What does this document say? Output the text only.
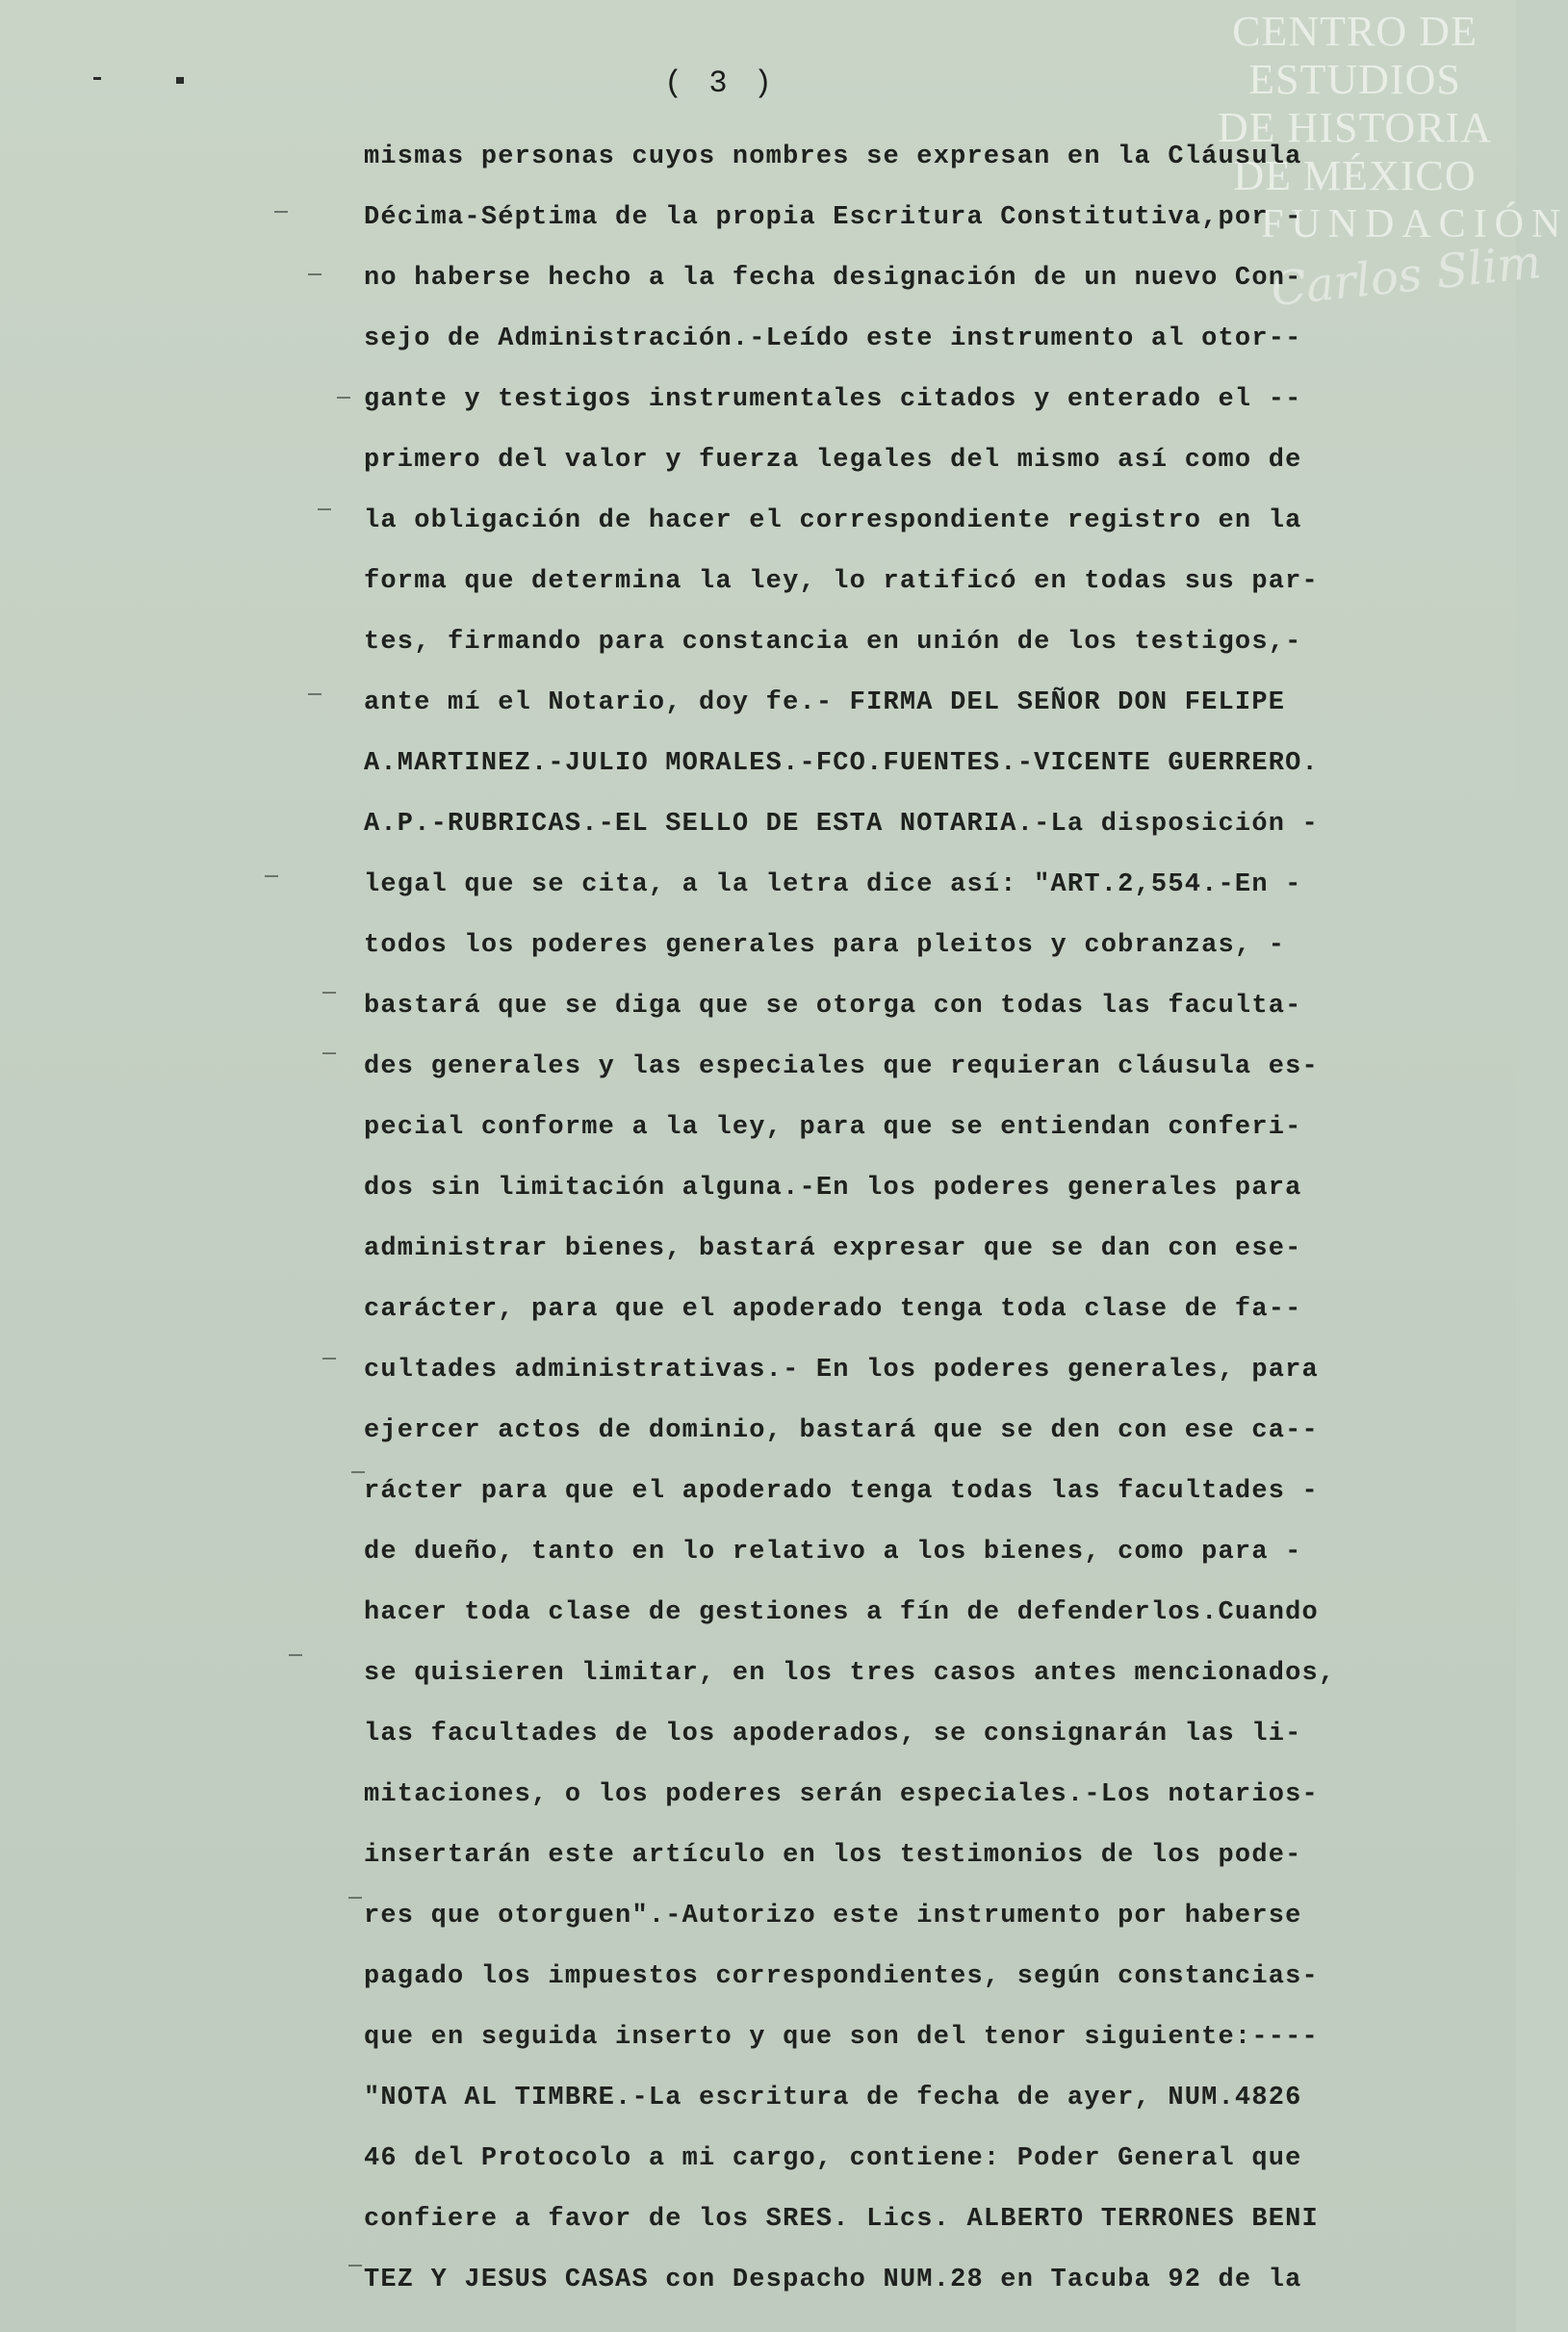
CENTRO DE
ESTUDIOS
DE HISTORIA
DE MÉXICO
FUNDACIÓN
Carlos Slim
( 3 )
mismas personas cuyos nombres se expresan en la Cláusula
Décima-Séptima de la propia Escritura Constitutiva,por -
no haberse hecho a la fecha designación de un nuevo Con-
sejo de Administración.-Leído este instrumento al otor--
gante y testigos instrumentales citados y enterado el --
primero del valor y fuerza legales del mismo así como de
la obligación de hacer el correspondiente registro en la
forma que determina la ley, lo ratificó en todas sus par-
tes, firmando para constancia en unión de los testigos,-
ante mí el Notario, doy fe.- FIRMA DEL SEÑOR DON FELIPE
A.MARTINEZ.-JULIO MORALES.-FCO.FUENTES.-VICENTE GUERRERO.
A.P.-RUBRICAS.-EL SELLO DE ESTA NOTARIA.-La disposición -
legal que se cita, a la letra dice así: "ART.2,554.-En -
todos los poderes generales para pleitos y cobranzas, -
bastará que se diga que se otorga con todas las faculta-
des generales y las especiales que requieran cláusula es-
pecial conforme a la ley, para que se entiendan conferi-
dos sin limitación alguna.-En los poderes generales para
administrar bienes, bastará expresar que se dan con ese-
carácter, para que el apoderado tenga toda clase de fa--
cultades administrativas.- En los poderes generales, para
ejercer actos de dominio, bastará que se den con ese ca--
rácter para que el apoderado tenga todas las facultades -
de dueño, tanto en lo relativo a los bienes, como para -
hacer toda clase de gestiones a fín de defenderlos.Cuando
se quisieren limitar, en los tres casos antes mencionados,
las facultades de los apoderados, se consignarán las li-
mitaciones, o los poderes serán especiales.-Los notarios-
insertarán este artículo en los testimonios de los pode-
res que otorguen".-Autorizo este instrumento por haberse
pagado los impuestos correspondientes, según constancias-
que en seguida inserto y que son del tenor siguiente:----
"NOTA AL TIMBRE.-La escritura de fecha de ayer, NUM.4826
46 del Protocolo a mi cargo, contiene: Poder General que
confiere a favor de los SRES. Lics. ALBERTO TERRONES BENI
TEZ Y JESUS CASAS con Despacho NUM.28 en Tacuba 92 de la
